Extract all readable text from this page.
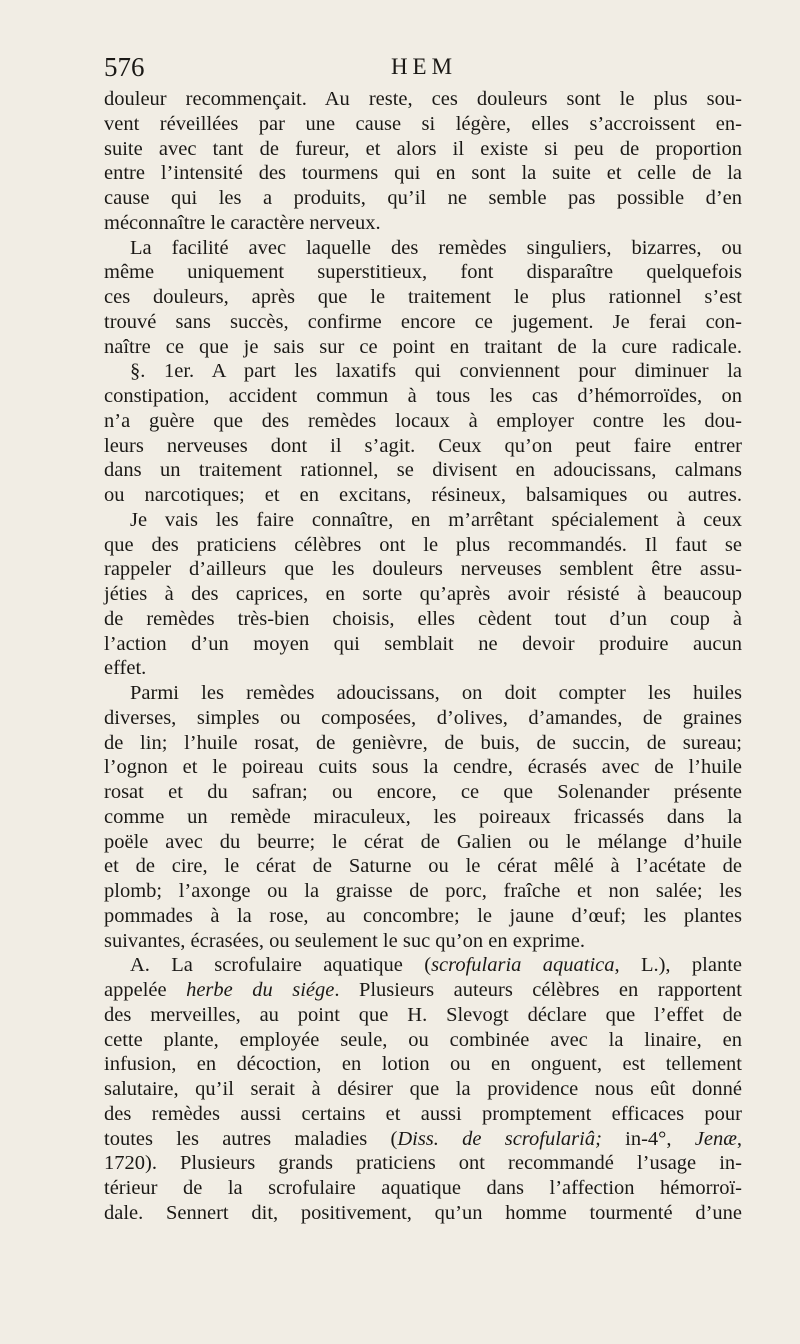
576	HEM
douleur recommençait. Au reste, ces douleurs sont le plus sou-
vent réveillées par une cause si légère, elles s’accroissent en-
suite avec tant de fureur, et alors il existe si peu de proportion
entre l’intensité des tourmens qui en sont la suite et celle de la
cause qui les a produits, qu’il ne semble pas possible d’en
méconnaître le caractère nerveux.
La facilité avec laquelle des remèdes singuliers, bizarres, ou
même uniquement superstitieux, font disparaître quelquefois
ces douleurs, après que le traitement le plus rationnel s’est
trouvé sans succès, confirme encore ce jugement. Je ferai con-
naître ce que je sais sur ce point en traitant de la cure radicale.
§. 1er. A part les laxatifs qui conviennent pour diminuer la
constipation, accident commun à tous les cas d’hémorroïdes, on
n’a guère que des remèdes locaux à employer contre les dou-
leurs nerveuses dont il s’agit. Ceux qu’on peut faire entrer
dans un traitement rationnel, se divisent en adoucissans, calmans
ou narcotiques; et en excitans, résineux, balsamiques ou autres.
Je vais les faire connaître, en m’arrêtant spécialement à ceux
que des praticiens célèbres ont le plus recommandés. Il faut se
rappeler d’ailleurs que les douleurs nerveuses semblent être assu-
jéties à des caprices, en sorte qu’après avoir résisté à beaucoup
de remèdes très-bien choisis, elles cèdent tout d’un coup à
l’action d’un moyen qui semblait ne devoir produire aucun
effet.
Parmi les remèdes adoucissans, on doit compter les huiles
diverses, simples ou composées, d’olives, d’amandes, de graines
de lin; l’huile rosat, de genièvre, de buis, de succin, de sureau;
l’ognon et le poireau cuits sous la cendre, écrasés avec de l’huile
rosat et du safran; ou encore, ce que Solenander présente
comme un remède miraculeux, les poireaux fricassés dans la
poële avec du beurre; le cérat de Galien ou le mélange d’huile
et de cire, le cérat de Saturne ou le cérat mêlé à l’acétate de
plomb; l’axonge ou la graisse de porc, fraîche et non salée; les
pommades à la rose, au concombre; le jaune d’œuf; les plantes
suivantes, écrasées, ou seulement le suc qu’on en exprime.
A. La scrofulaire aquatique (scrofularia aquatica, L.), plante
appelée herbe du siége. Plusieurs auteurs célèbres en rapportent
des merveilles, au point que H. Slevogt déclare que l’effet de
cette plante, employée seule, ou combinée avec la linaire, en
infusion, en décoction, en lotion ou en onguent, est tellement
salutaire, qu’il serait à désirer que la providence nous eût donné
des remèdes aussi certains et aussi promptement efficaces pour
toutes les autres maladies (Diss. de scrofulariâ; in-4°, Jenæ,
1720). Plusieurs grands praticiens ont recommandé l’usage in-
térieur de la scrofulaire aquatique dans l’affection hémorroï-
dale. Sennert dit, positivement, qu’un homme tourmenté d’une
